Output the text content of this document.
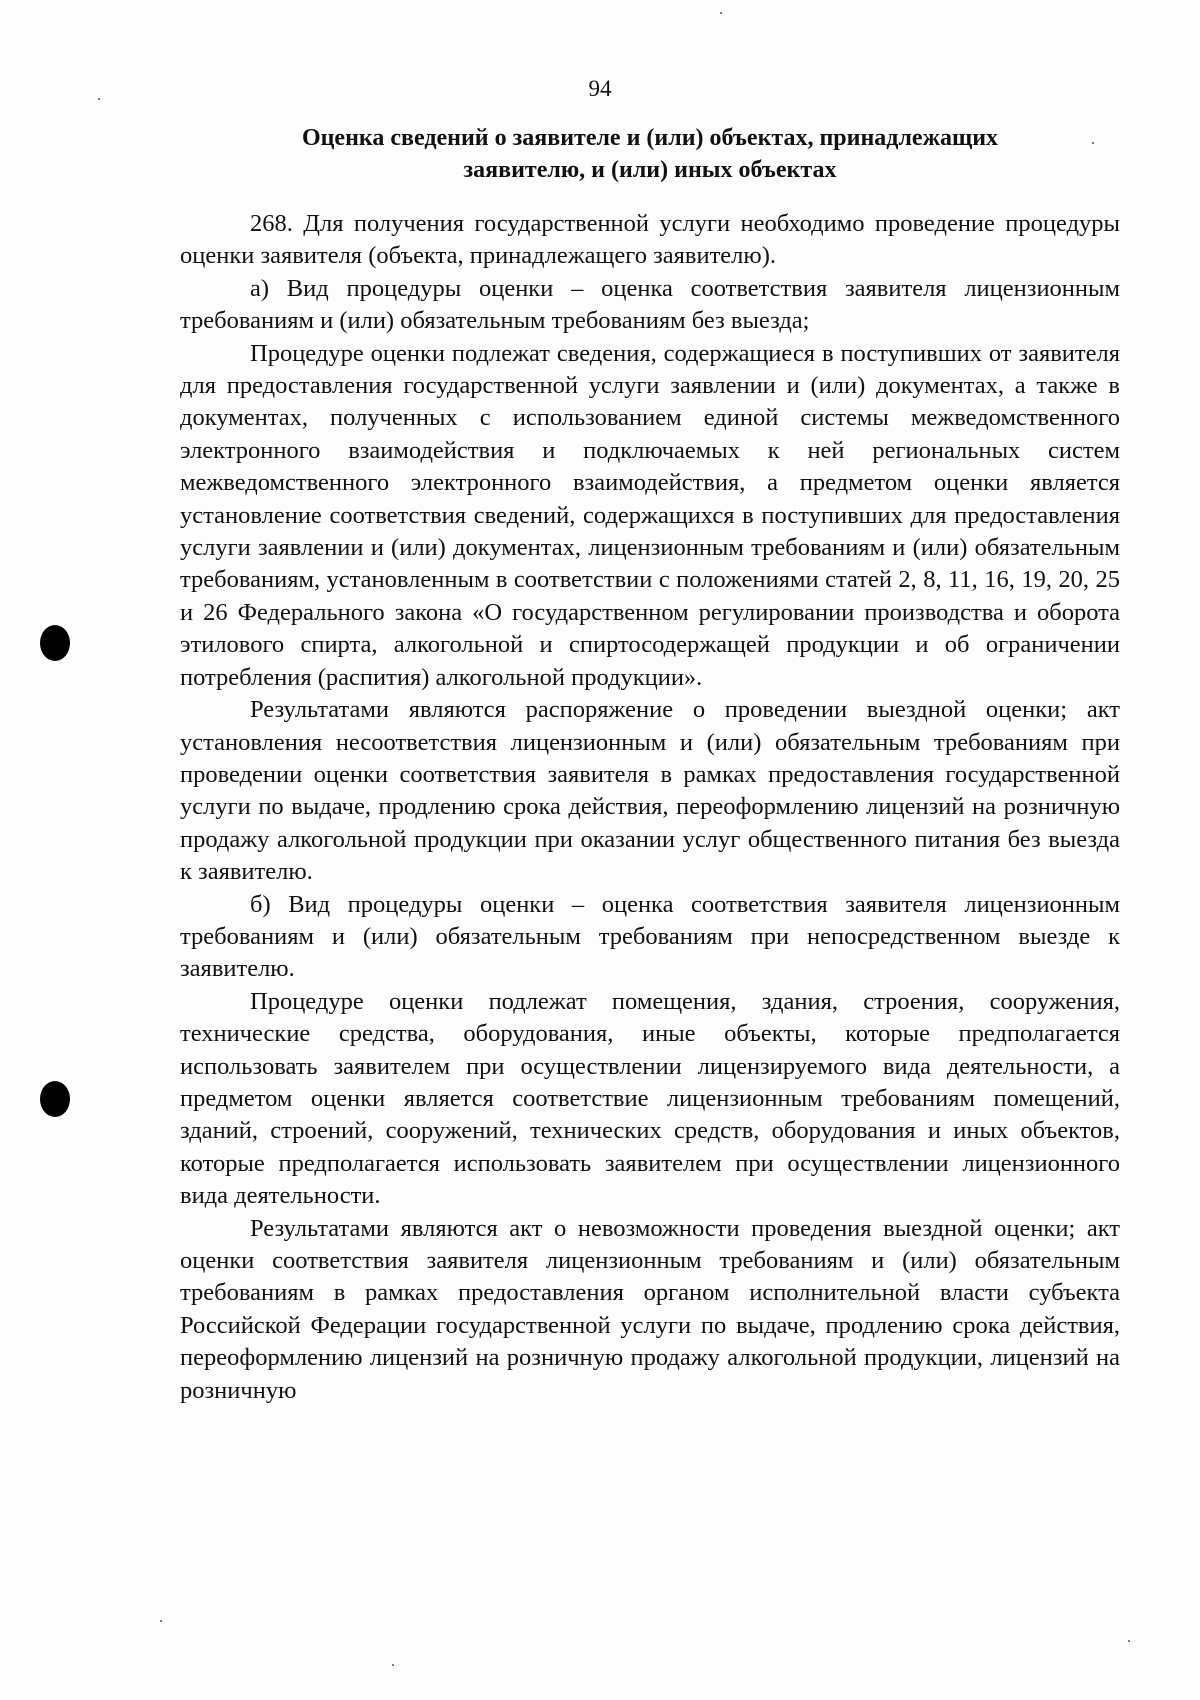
94
Оценка сведений о заявителе и (или) объектах, принадлежащих
заявителю, и (или) иных объектах

268. Для получения государственной услуги необходимо проведение процедуры оценки заявителя (объекта, принадлежащего заявителю).

а) Вид процедуры оценки – оценка соответствия заявителя лицензионным требованиям и (или) обязательным требованиям без выезда;

Процедуре оценки подлежат сведения, содержащиеся в поступивших от заявителя для предоставления государственной услуги заявлении и (или) документах, а также в документах, полученных с использованием единой системы межведомственного электронного взаимодействия и подключаемых к ней региональных систем межведомственного электронного взаимодействия, а предметом оценки является установление соответствия сведений, содержащихся в поступивших для предоставления услуги заявлении и (или) документах, лицензионным требованиям и (или) обязательным требованиям, установленным в соответствии с положениями статей 2, 8, 11, 16, 19, 20, 25 и 26 Федерального закона «О государственном регулировании производства и оборота этилового спирта, алкогольной и спиртосодержащей продукции и об ограничении потребления (распития) алкогольной продукции».

Результатами являются распоряжение о проведении выездной оценки; акт установления несоответствия лицензионным и (или) обязательным требованиям при проведении оценки соответствия заявителя в рамках предоставления государственной услуги по выдаче, продлению срока действия, переоформлению лицензий на розничную продажу алкогольной продукции при оказании услуг общественного питания без выезда к заявителю.

б) Вид процедуры оценки – оценка соответствия заявителя лицензионным требованиям и (или) обязательным требованиям при непосредственном выезде к заявителю.

Процедуре оценки подлежат помещения, здания, строения, сооружения, технические средства, оборудования, иные объекты, которые предполагается использовать заявителем при осуществлении лицензируемого вида деятельности, а предметом оценки является соответствие лицензионным требованиям помещений, зданий, строений, сооружений, технических средств, оборудования и иных объектов, которые предполагается использовать заявителем при осуществлении лицензионного вида деятельности.

Результатами являются акт о невозможности проведения выездной оценки; акт оценки соответствия заявителя лицензионным требованиям и (или) обязательным требованиям в рамках предоставления органом исполнительной власти субъекта Российской Федерации государственной услуги по выдаче, продлению срока действия, переоформлению лицензий на розничную продажу алкогольной продукции, лицензий на розничную
